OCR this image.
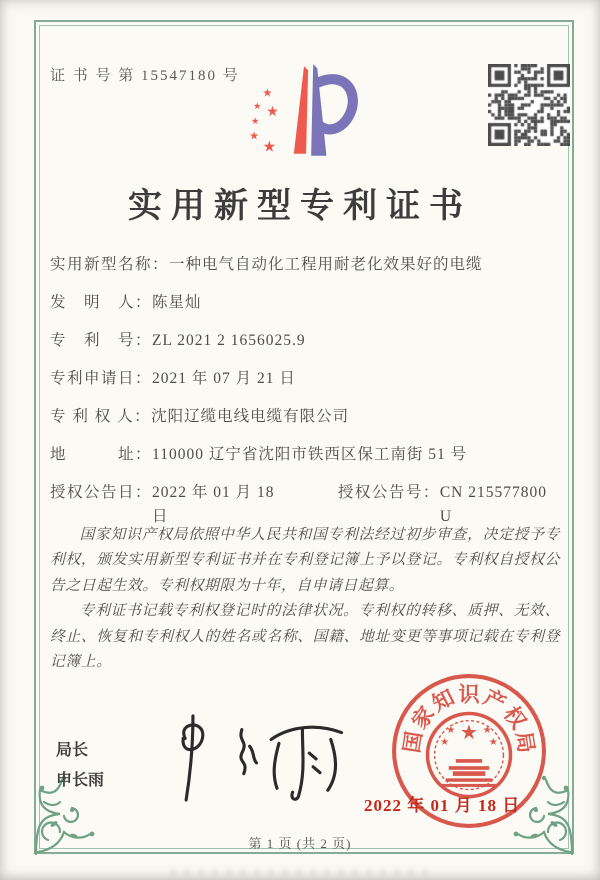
证 书 号 第 15547180 号
★
★ ★
★
★
★
实用新型专利证书
实用新型名称： 一种电气自动化工程用耐老化效果好的电缆
发　明　人： 陈星灿
专　利　号： ZL 2021 2 1656025.9
专利申请日： 2021 年 07 月 21 日
专 利 权 人： 沈阳辽缆电线电缆有限公司
地　　　址： 110000 辽宁省沈阳市铁西区保工南街 51 号
授权公告日： 2022 年 01 月 18 日
授权公告号： CN 215577800 U

国家知识产权局依照中华人民共和国专利法经过初步审查，决定授予专利权，颁发实用新型专利证书并在专利登记簿上予以登记。专利权自授权公告之日起生效。专利权期限为十年，自申请日起算。

专利证书记载专利权登记时的法律状况。专利权的转移、质押、无效、终止、恢复和专利权人的姓名或名称、国籍、地址变更等事项记载在专利登记簿上。

局长
申长雨
国
家
知 识 产
权
局
★
★	★
★	★
2022 年 01 月 18 日
第 1 页 (共 2 页)
